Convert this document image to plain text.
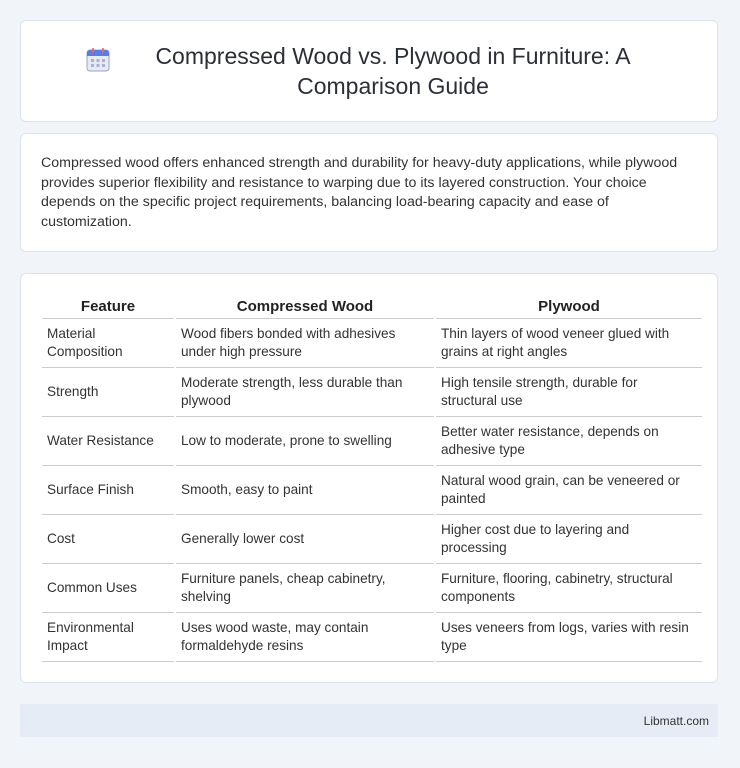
Compressed Wood vs. Plywood in Furniture: A Comparison Guide

Compressed wood offers enhanced strength and durability for heavy-duty applications, while plywood provides superior flexibility and resistance to warping due to its layered construction. Your choice depends on the specific project requirements, balancing load-bearing capacity and ease of customization.

Feature	Compressed Wood	Plywood
Material Composition	Wood fibers bonded with adhesives under high pressure	Thin layers of wood veneer glued with grains at right angles
Strength	Moderate strength, less durable than plywood	High tensile strength, durable for structural use
Water Resistance	Low to moderate, prone to swelling	Better water resistance, depends on adhesive type
Surface Finish	Smooth, easy to paint	Natural wood grain, can be veneered or painted
Cost	Generally lower cost	Higher cost due to layering and processing
Common Uses	Furniture panels, cheap cabinetry, shelving	Furniture, flooring, cabinetry, structural components
Environmental Impact	Uses wood waste, may contain formaldehyde resins	Uses veneers from logs, varies with resin type
Libmatt.com
